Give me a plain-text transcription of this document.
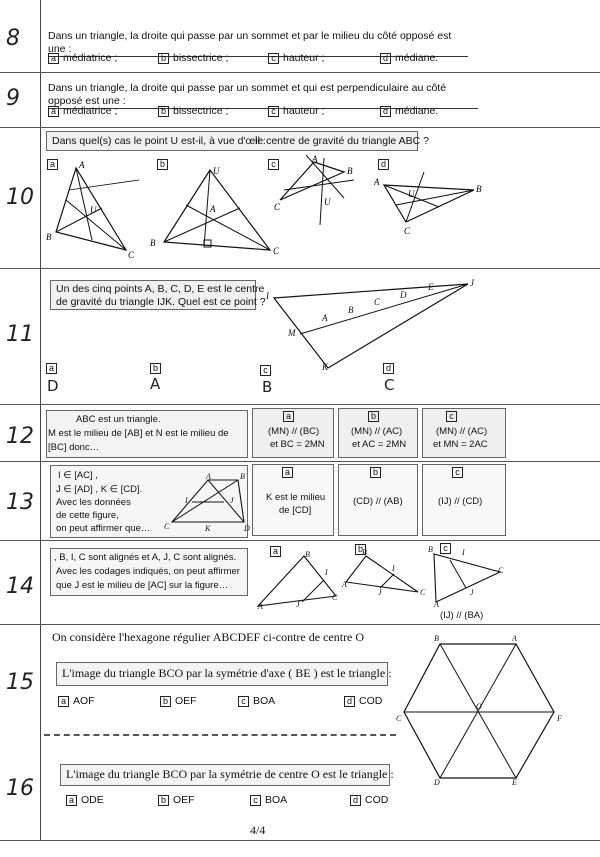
8	Dans un triangle, la droite qui passe par un sommet et par le milieu du côté opposé est une :
a médiatrice ;	b bissectrice ;	c hauteur ;	d médiane.
9	Dans un triangle, la droite qui passe par un sommet et qui est perpendiculaire au côté opposé est une :
a médiatrice ;	b bissectrice ;	c hauteur ;	d médiane.
10
Dans quel(s) cas le point U est-il, à vue d'œil :
le centre de gravité du triangle ABC ?
a	b	c	d
A
U
B
C
U
A
B
C
A
B
U
C
A
U	B
C
11
Un des cinq points A, B, C, D, E est le centre
de gravité du triangle IJK. Quel est ce point ? I
J
E
D
C
B
A
M
K
a	b	c	d
D	A	B	C
12
ABC est un triangle.
M est le milieu de [AB] et N est le milieu de
[BC] donc…
a	b	c
(MN) // (BC)
et BC = 2MN
(MN) // (AC)
et AC = 2MN
(MN) // (AC)
et MN = 2AC
13
I ∈ [AC] ,
J ∈ [AD] , K ∈ [CD].
Avec les données
de cette figure,
on peut affirmer que…
A	B
I	J
C	K	D
a	b	c
K est le milieu
de [CD]
(CD) // (AB)	(IJ) // (CD)
14
, B, I, C sont alignés et A, J, C sont alignés.
Avec les codages indiqués, on peut affirmer
que J est le milieu de [AC] sur la figure…
a	b	c
B
I
C
A	J
B
I
A
J	C
B	I
C
J
A
(IJ) // (BA)
On considère l'hexagone régulier ABCDEF ci-contre de centre O
15 L'image du triangle BCO par la symétrie d'axe ( BE ) est le triangle :
a AOF	b OEF	c BOA	d COD
B	A
C
O
F
D	E
16
L'image du triangle BCO par la symétrie de centre O est le triangle :
a ODE	b OEF	c BOA	d COD
4/4
